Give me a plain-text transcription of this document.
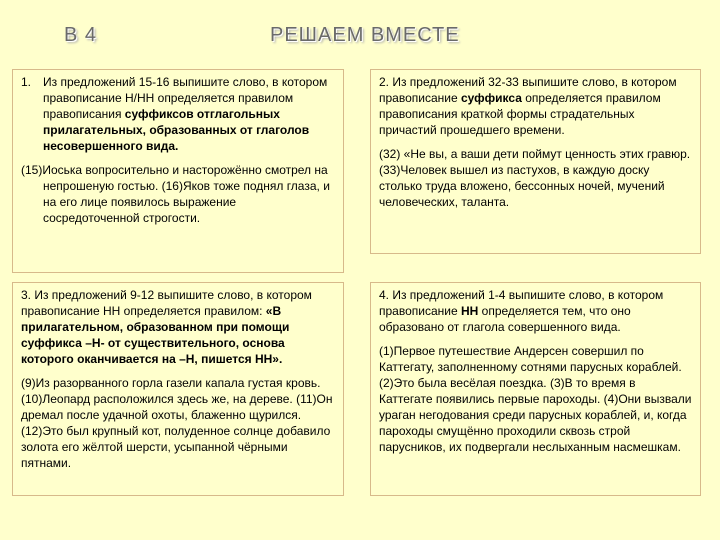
В 4	РЕШАЕМ ВМЕСТЕ
1. Из предложений 15-16 выпишите слово, в котором правописание Н/НН определяется правилом правописания суффиксов отглагольных прилагательных, образованных от глаголов несовершенного вида.

(15)Иоська вопросительно и насторожённо смотрел на непрошеную гостью. (16)Яков тоже поднял глаза, и на его лице появилось выражение сосредоточенной строгости.

2. Из предложений 32-33 выпишите слово, в котором правописание суффикса определяется правилом правописания краткой формы страдательных причастий прошедшего времени.

(32) «Не вы, а ваши дети поймут ценность этих гравюр. (33)Человек вышел из пастухов, в каждую доску столько труда вложено, бессонных ночей, мучений человеческих, таланта.

3. Из предложений 9-12 выпишите слово, в котором правописание НН определяется правилом: «В прилагательном, образованном при помощи суффикса –Н- от существительного, основа которого оканчивается на –Н, пишется НН».

(9)Из разорванного горла газели капала густая кровь. (10)Леопард расположился здесь же, на дереве. (11)Он дремал после удачной охоты, блаженно щурился. (12)Это был крупный кот, полуденное солнце добавило золота его жёлтой шерсти, усыпанной чёрными пятнами.

4. Из предложений 1-4 выпишите слово, в котором правописание НН определяется тем, что оно образовано от глагола совершенного вида.

(1)Первое путешествие Андерсен совершил по Каттегату, заполненному сотнями парусных кораблей. (2)Это была весёлая поездка. (3)В то время в Каттегате появились первые пароходы. (4)Они вызвали ураган негодования среди парусных кораблей, и, когда пароходы смущённо проходили сквозь строй парусников, их подвергали неслыханным насмешкам.
